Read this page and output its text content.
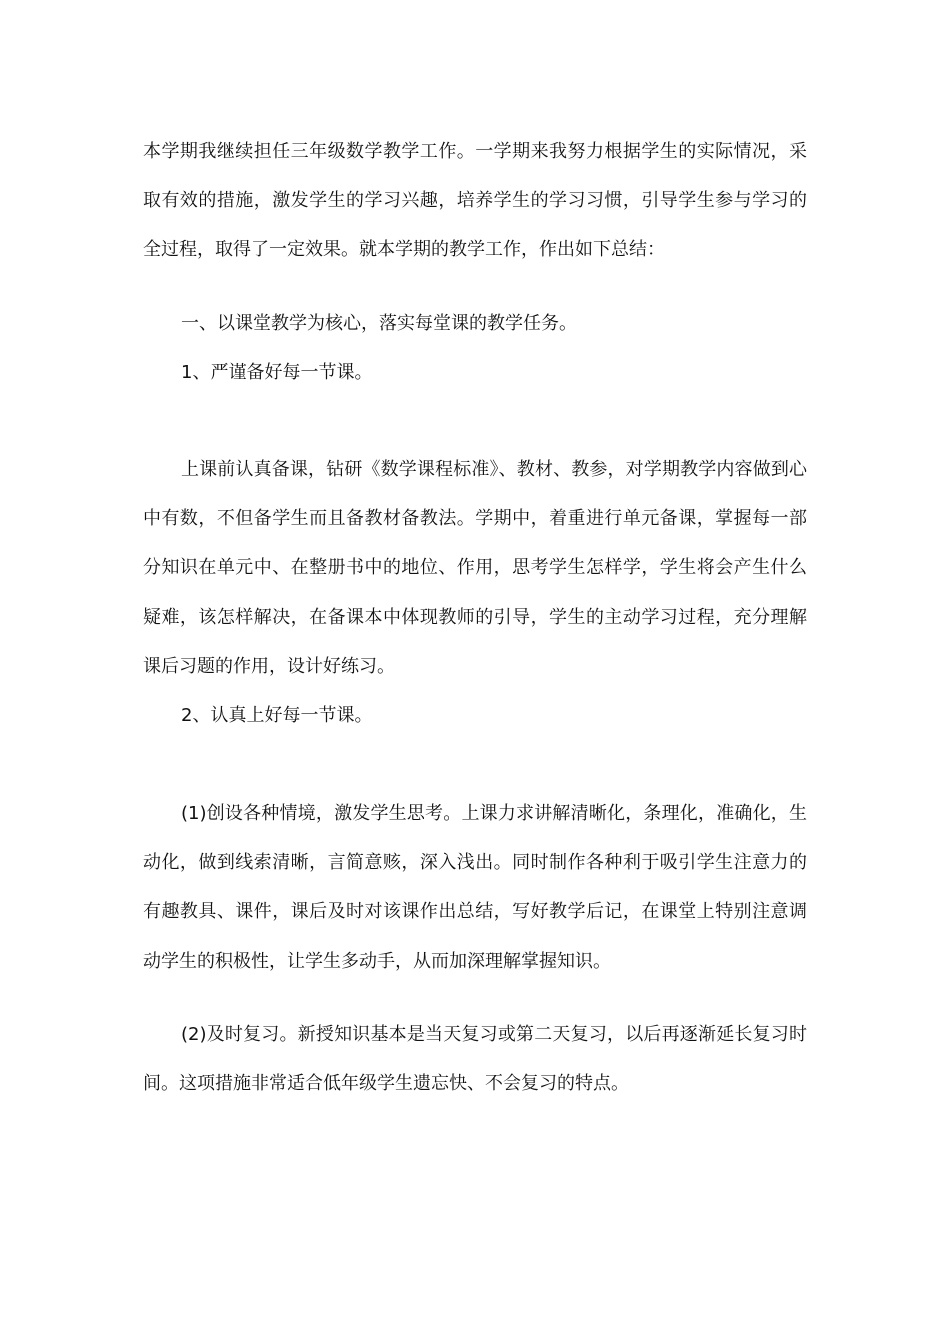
本学期我继续担任三年级数学教学工作。一学期来我努力根据学生的实际情况，采取有效的措施，激发学生的学习兴趣，培养学生的学习习惯，引导学生参与学习的全过程，取得了一定效果。就本学期的教学工作，作出如下总结：

一、以课堂教学为核心，落实每堂课的教学任务。

1、严谨备好每一节课。

上课前认真备课，钻研《数学课程标准》、教材、教参，对学期教学内容做到心中有数，不但备学生而且备教材备教法。学期中，着重进行单元备课，掌握每一部分知识在单元中、在整册书中的地位、作用，思考学生怎样学，学生将会产生什么疑难，该怎样解决，在备课本中体现教师的引导，学生的主动学习过程，充分理解课后习题的作用，设计好练习。

2、认真上好每一节课。

(1)创设各种情境，激发学生思考。上课力求讲解清晰化，条理化，准确化，生动化，做到线索清晰，言简意赅，深入浅出。同时制作各种利于吸引学生注意力的有趣教具、课件，课后及时对该课作出总结，写好教学后记，在课堂上特别注意调动学生的积极性，让学生多动手，从而加深理解掌握知识。

(2)及时复习。新授知识基本是当天复习或第二天复习，以后再逐渐延长复习时间。这项措施非常适合低年级学生遗忘快、不会复习的特点。
